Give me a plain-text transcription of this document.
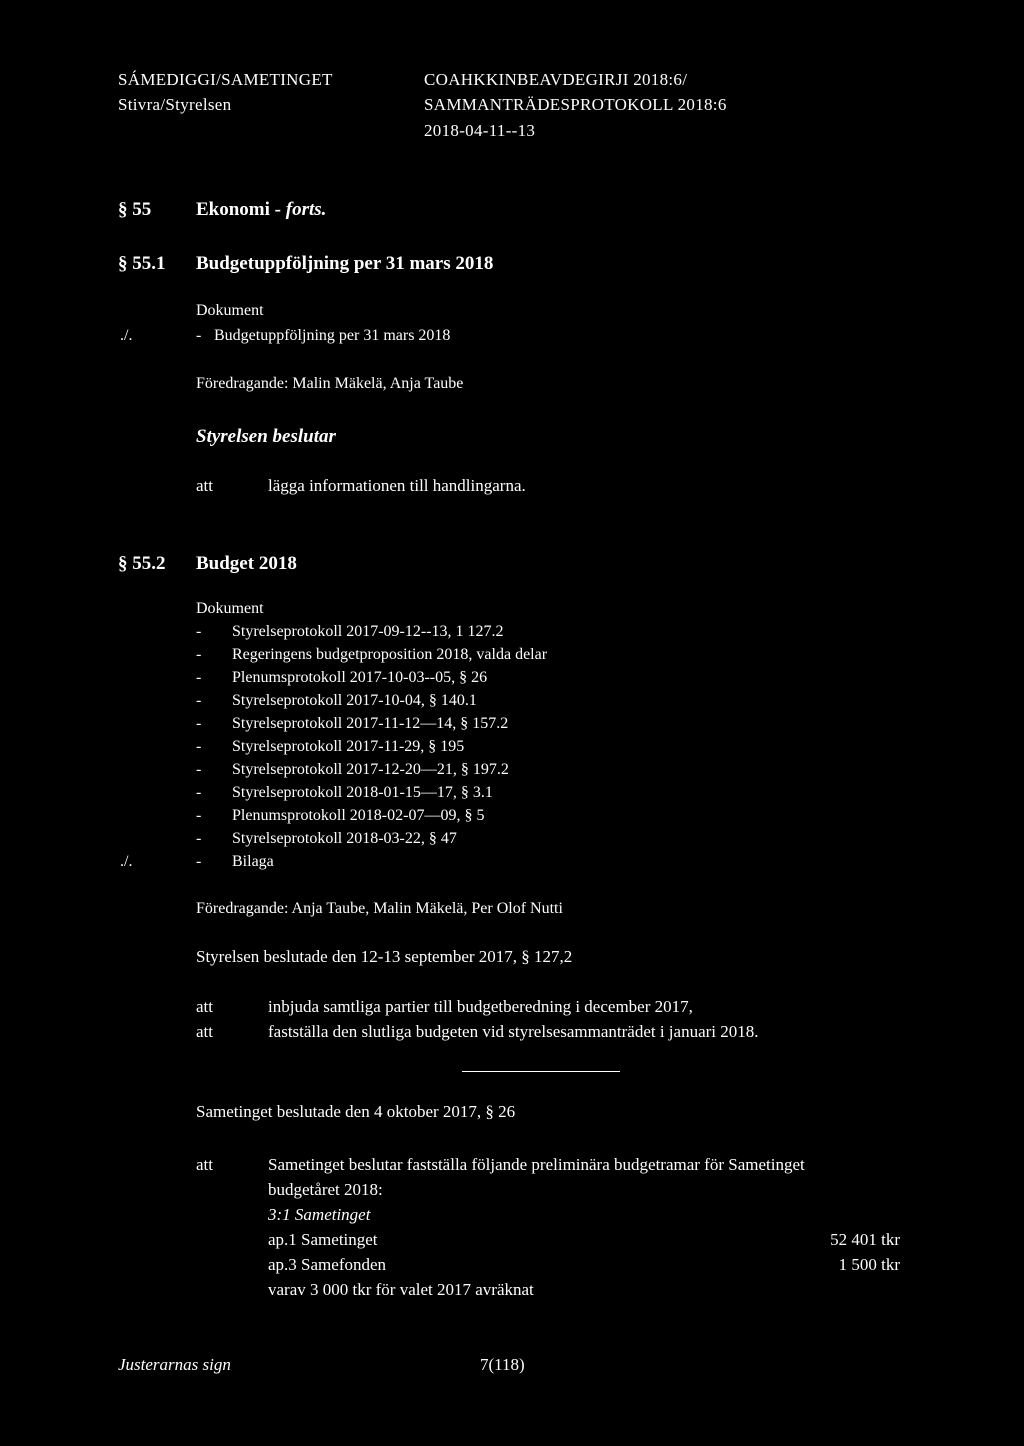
SÁMEDIGGI/SAMETINGET
Stivra/Styrelsen
COAHKKINBEAVDEGIRJI 2018:6/
SAMMANTRÄDESPROTOKOLL 2018:6
2018-04-11--13
§ 55 Ekonomi - forts.
§ 55.1 Budgetuppföljning per 31 mars 2018
Dokument
./.	- Budgetuppföljning per 31 mars 2018
Föredragande: Malin Mäkelä, Anja Taube
Styrelsen beslutar
att	lägga informationen till handlingarna.
§ 55.2 Budget 2018
Dokument
- Styrelseprotokoll 2017-09-12--13, 1 127.2
- Regeringens budgetproposition 2018, valda delar
- Plenumsprotokoll 2017-10-03--05, § 26
- Styrelseprotokoll 2017-10-04, § 140.1
- Styrelseprotokoll 2017-11-12—14, § 157.2
- Styrelseprotokoll 2017-11-29, § 195
- Styrelseprotokoll 2017-12-20—21, § 197.2
- Styrelseprotokoll 2018-01-15—17, § 3.1
- Plenumsprotokoll 2018-02-07—09, § 5
- Styrelseprotokoll 2018-03-22, § 47
./.	- Bilaga
Föredragande: Anja Taube, Malin Mäkelä, Per Olof Nutti
Styrelsen beslutade den 12-13 september 2017, § 127,2
att	inbjuda samtliga partier till budgetberedning i december 2017,
att	fastställa den slutliga budgeten vid styrelsesammanträdet i januari 2018.
Sametinget beslutade den 4 oktober 2017, § 26
att	Sametinget beslutar fastställa följande preliminära budgetramar för Sametinget
budgetåret 2018:
3:1 Sametinget
ap.1 Sametinget	52 401 tkr
ap.3 Samefonden	1 500 tkr
varav 3 000 tkr för valet 2017 avräknat
Justerarnas sign	7(118)
